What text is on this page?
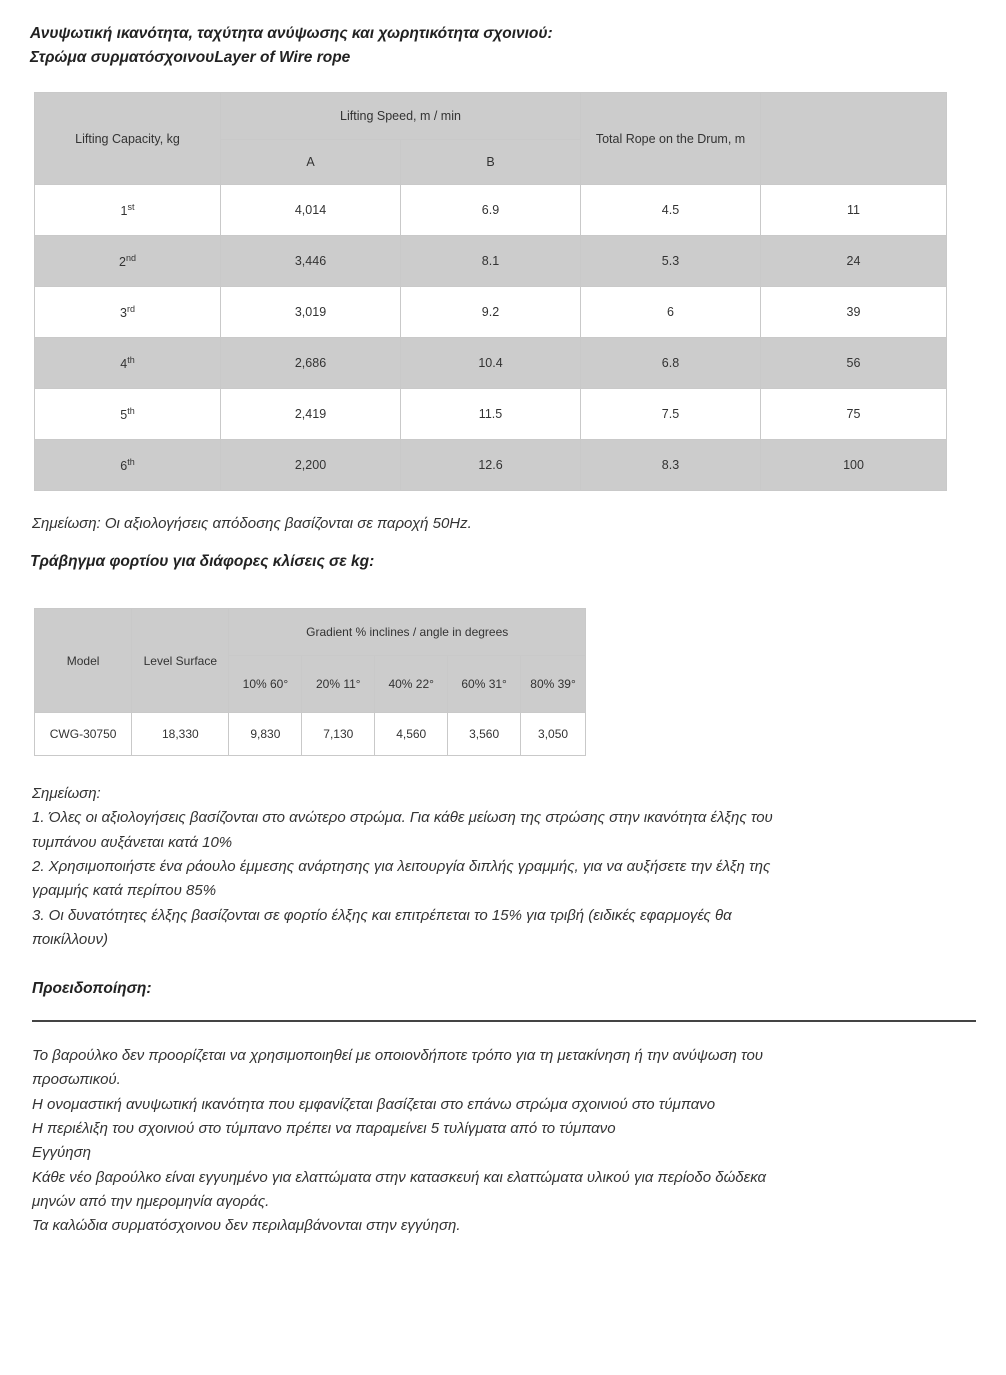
Ανυψωτική ικανότητα, ταχύτητα ανύψωσης και χωρητικότητα σχοινιού:
Στρώμα συρματόσχοινουLayer of Wire rope
Lifting Capacity, kg	Lifting Speed, m / min		Total Rope on the Drum, m	
	A	B		
1st	4,014	6.9	4.5	11
2nd	3,446	8.1	5.3	24
3rd	3,019	9.2	6	39
4th	2,686	10.4	6.8	56
5th	2,419	11.5	7.5	75
6th	2,200	12.6	8.3	100
Σημείωση: Οι αξιολογήσεις απόδοσης βασίζονται σε παροχή 50Hz.
Τράβηγμα φορτίου για διάφορες κλίσεις σε kg:
Model	Level Surface	Gradient % inclines / angle in degrees				
		10% 60°	20% 11°	40% 22°	60% 31°	80% 39°
CWG-30750	18,330	9,830	7,130	4,560	3,560	3,050
Σημείωση:
1. Όλες οι αξιολογήσεις βασίζονται στο ανώτερο στρώμα. Για κάθε μείωση της στρώσης στην ικανότητα έλξης του
τυμπάνου αυξάνεται κατά 10%
2. Χρησιμοποιήστε ένα ράουλο έμμεσης ανάρτησης για λειτουργία διπλής γραμμής, για να αυξήσετε την έλξη της
γραμμής κατά περίπου 85%
3. Οι δυνατότητες έλξης βασίζονται σε φορτίο έλξης και επιτρέπεται το 15% για τριβή (ειδικές εφαρμογές θα
ποικίλλουν)
Προειδοποίηση:
Το βαρούλκο δεν προορίζεται να χρησιμοποιηθεί με οποιονδήποτε τρόπο για τη μετακίνηση ή την ανύψωση του
προσωπικού.
Η ονομαστική ανυψωτική ικανότητα που εμφανίζεται βασίζεται στο επάνω στρώμα σχοινιού στο τύμπανο
Η περιέλιξη του σχοινιού στο τύμπανο πρέπει να παραμείνει 5 τυλίγματα από το τύμπανο
Εγγύηση
Κάθε νέο βαρούλκο είναι εγγυημένο για ελαττώματα στην κατασκευή και ελαττώματα υλικού για περίοδο δώδεκα
μηνών από την ημερομηνία αγοράς.
Τα καλώδια συρματόσχοινου δεν περιλαμβάνονται στην εγγύηση.
